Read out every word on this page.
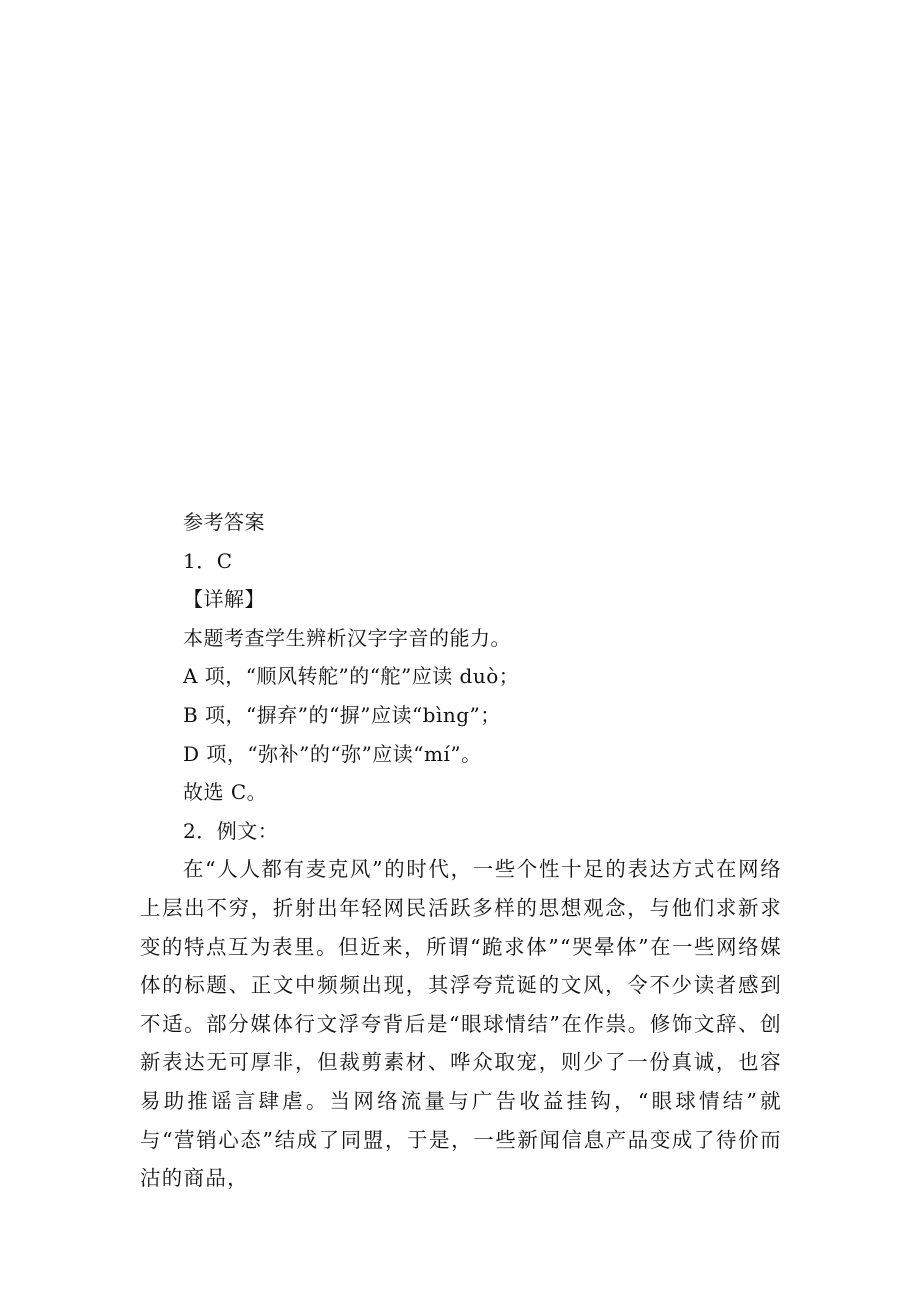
参考答案
1．C
【详解】
本题考查学生辨析汉字字音的能力。
A 项，“顺风转舵”的“舵”应读 duò；
B 项，“摒弃”的“摒”应读“bìng”；
D 项，“弥补”的“弥”应读“mí”。
故选 C。
2．例文：

在“人人都有麦克风”的时代，一些个性十足的表达方式在网络上层出不穷，折射出年轻网民活跃多样的思想观念，与他们求新求变的特点互为表里。但近来，所谓“跪求体”“哭晕体”在一些网络媒体的标题、正文中频频出现，其浮夸荒诞的文风，令不少读者感到不适。部分媒体行文浮夸背后是“眼球情结”在作祟。修饰文辞、创新表达无可厚非，但裁剪素材、哗众取宠，则少了一份真诚，也容易助推谣言肆虐。当网络流量与广告收益挂钩，“眼球情结”就与“营销心态”结成了同盟，于是，一些新闻信息产品变成了待价而沽的商品，
